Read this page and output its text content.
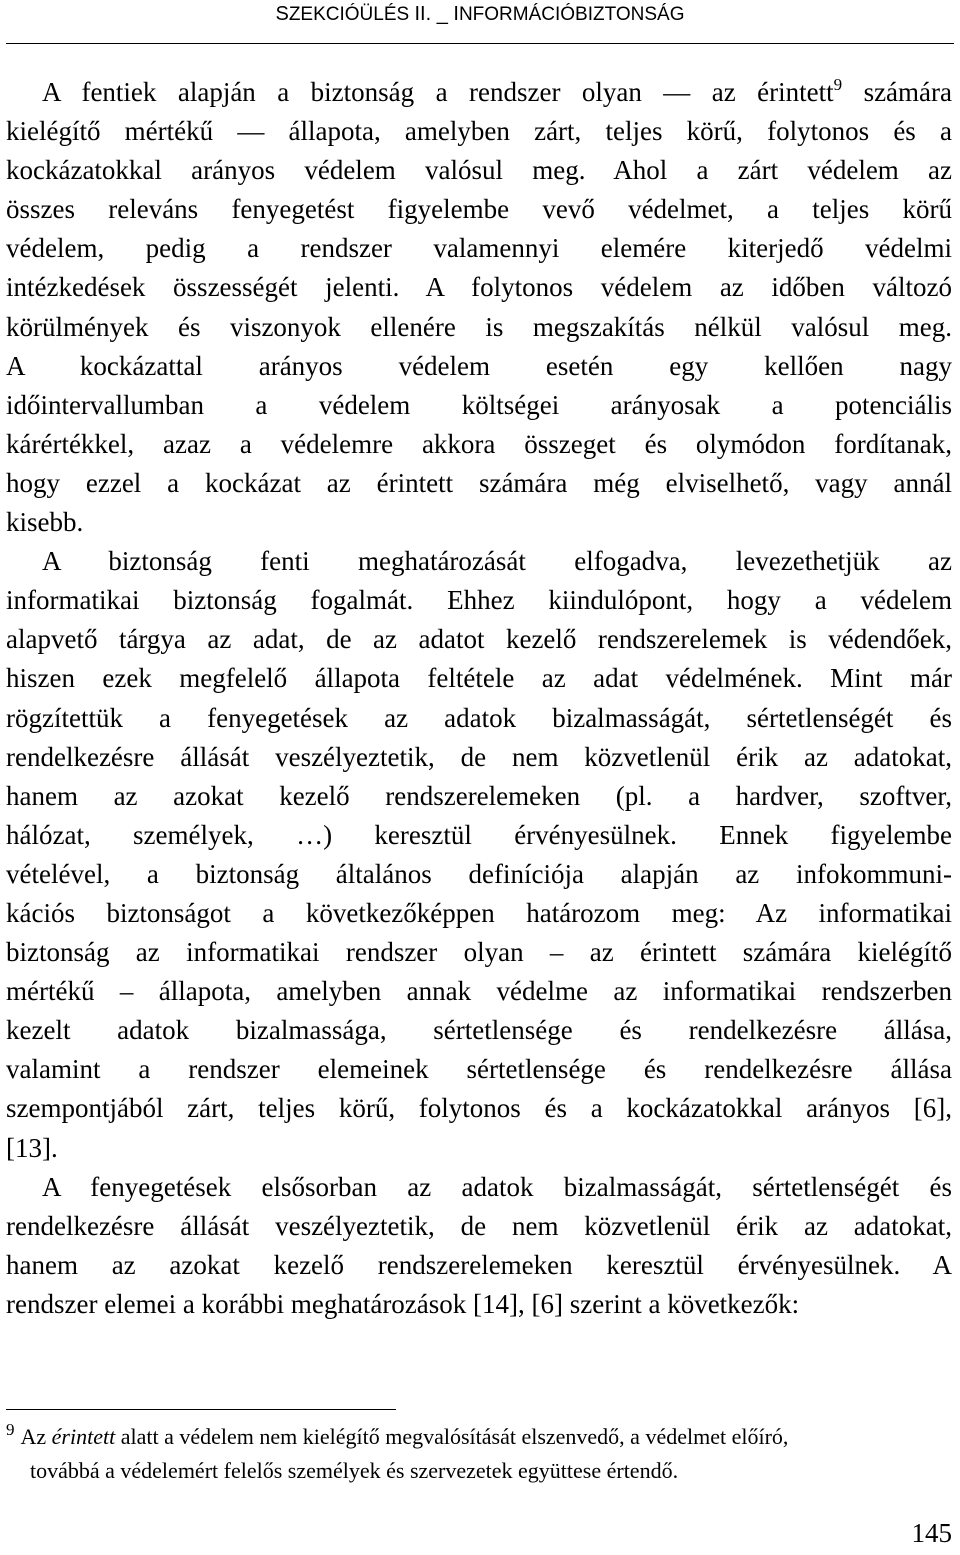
SZEKCIÓÜLÉS II. _ INFORMÁCIÓBIZTONSÁG
A fentiek alapján a biztonság a rendszer olyan — az érintett$^9$ számára
kielégítő mértékű — állapota, amelyben zárt, teljes körű, folytonos és a
kockázatokkal arányos védelem valósul meg. Ahol a zárt védelem az
összes releváns fenyegetést figyelembe vevő védelmet, a teljes körű
védelem, pedig a rendszer valamennyi elemére kiterjedő védelmi
intézkedések összességét jelenti. A folytonos védelem az időben változó
körülmények és viszonyok ellenére is megszakítás nélkül valósul meg.
A kockázattal arányos védelem esetén egy kellően nagy
időintervallumban a védelem költségei arányosak a potenciális
kárértékkel, azaz a védelemre akkora összeget és olymódon fordítanak,
hogy ezzel a kockázat az érintett számára még elviselhető, vagy annál
kisebb.
A biztonság fenti meghatározását elfogadva, levezethetjük az
informatikai biztonság fogalmát. Ehhez kiindulópont, hogy a védelem
alapvető tárgya az adat, de az adatot kezelő rendszerelemek is védendőek,
hiszen ezek megfelelő állapota feltétele az adat védelmének. Mint már
rögzítettük a fenyegetések az adatok bizalmasságát, sértetlenségét és
rendelkezésre állását veszélyeztetik, de nem közvetlenül érik az adatokat,
hanem az azokat kezelő rendszerelemeken (pl. a hardver, szoftver,
hálózat, személyek, …) keresztül érvényesülnek. Ennek figyelembe
vételével, a biztonság általános definíciója alapján az infokommuni-
kációs biztonságot a következőképpen határozom meg: Az informatikai
biztonság az informatikai rendszer olyan – az érintett számára kielégítő
mértékű – állapota, amelyben annak védelme az informatikai rendszerben
kezelt adatok bizalmassága, sértetlensége és rendelkezésre állása,
valamint a rendszer elemeinek sértetlensége és rendelkezésre állása
szempontjából zárt, teljes körű, folytonos és a kockázatokkal arányos [6],
[13].
A fenyegetések elsősorban az adatok bizalmasságát, sértetlenségét és
rendelkezésre állását veszélyeztetik, de nem közvetlenül érik az adatokat,
hanem az azokat kezelő rendszerelemeken keresztül érvényesülnek. A
rendszer elemei a korábbi meghatározások [14], [6] szerint a következők:
$^9$ Az érintett alatt a védelem nem kielégítő megvalósítását elszenvedő, a védelmet előíró,
továbbá a védelemért felelős személyek és szervezetek együttese értendő.
145
